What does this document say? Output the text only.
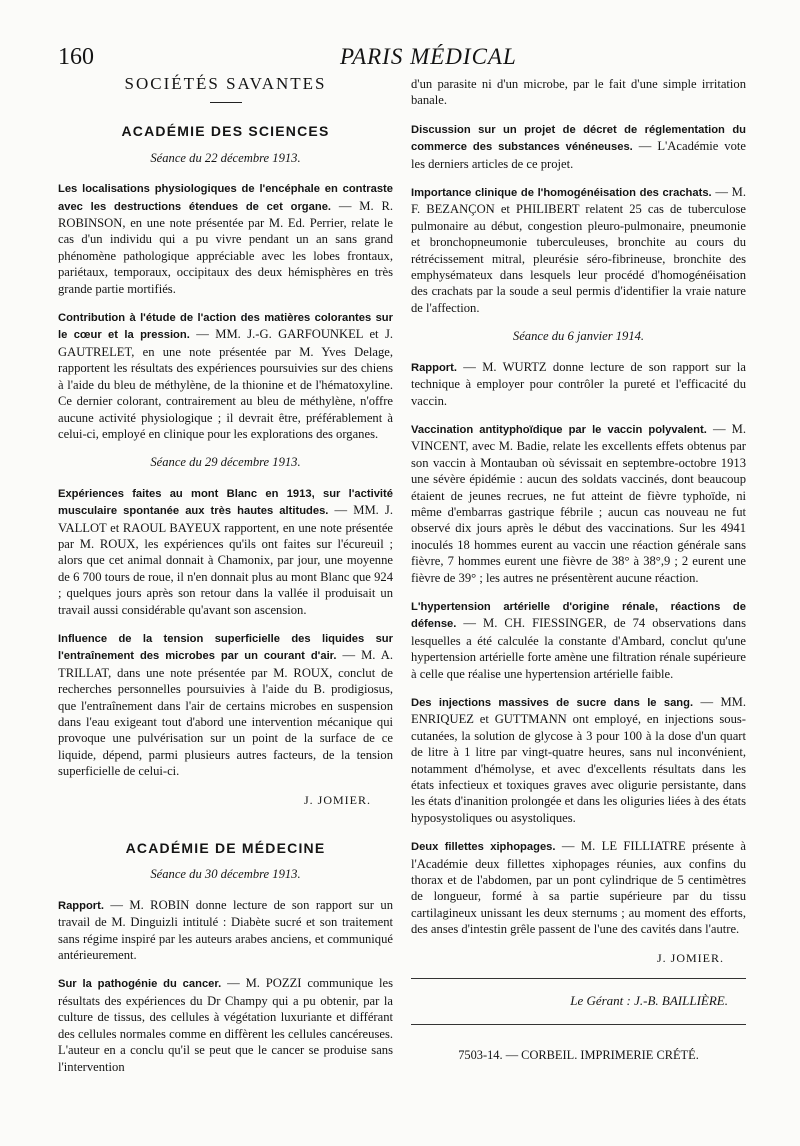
160	PARIS MÉDICAL
SOCIÉTÉS SAVANTES
ACADÉMIE DES SCIENCES
Séance du 22 décembre 1913.
Les localisations physiologiques de l'encéphale en contraste avec les destructions étendues de cet organe. — M. R. ROBINSON, en une note présentée par M. Ed. Perrier, relate le cas d'un individu qui a pu vivre pendant un an sans grand phénomène pathologique appréciable avec les lobes frontaux, pariétaux, temporaux, occipitaux des deux hémisphères en très grande partie mortifiés.
Contribution à l'étude de l'action des matières colorantes sur le cœur et la pression. — MM. J.-G. GARFOUNKEL et J. GAUTRELET, en une note présentée par M. Yves Delage, rapportent les résultats des expériences poursuivies sur des chiens à l'aide du bleu de méthylène, de la thionine et de l'hématoxyline. Ce dernier colorant, contrairement au bleu de méthylène, n'offre aucune activité physiologique ; il devrait être, préférablement à celui-ci, employé en clinique pour les explorations des organes.
Séance du 29 décembre 1913.
Expériences faites au mont Blanc en 1913, sur l'activité musculaire spontanée aux très hautes altitudes. — MM. J. VALLOT et RAOUL BAYEUX rapportent, en une note présentée par M. ROUX, les expériences qu'ils ont faites sur l'écureuil ; alors que cet animal donnait à Chamonix, par jour, une moyenne de 6 700 tours de roue, il n'en donnait plus au mont Blanc que 924 ; quelques jours après son retour dans la vallée il produisait un travail aussi considérable qu'avant son ascension.
Influence de la tension superficielle des liquides sur l'entraînement des microbes par un courant d'air. — M. A. TRILLAT, dans une note présentée par M. ROUX, conclut de recherches personnelles poursuivies à l'aide du B. prodigiosus, que l'entraînement dans l'air de certains microbes en suspension dans l'eau exigeant tout d'abord une intervention mécanique qui provoque une pulvérisation sur un point de la surface de ce liquide, dépend, parmi plusieurs autres facteurs, de la tension superficielle de celui-ci.
J. JOMIER.
ACADÉMIE DE MÉDECINE
Séance du 30 décembre 1913.
Rapport. — M. ROBIN donne lecture de son rapport sur un travail de M. Dinguizli intitulé : Diabète sucré et son traitement sans régime inspiré par les auteurs arabes anciens, et communiqué antérieurement.
Sur la pathogénie du cancer. — M. POZZI communique les résultats des expériences du Dr Champy qui a pu obtenir, par la culture de tissus, des cellules à végétation luxuriante et différant des cellules normales comme en diffèrent les cellules cancéreuses. L'auteur en a conclu qu'il se peut que le cancer se produise sans l'intervention
d'un parasite ni d'un microbe, par le fait d'une simple irritation banale.
Discussion sur un projet de décret de réglementation du commerce des substances vénéneuses. — L'Académie vote les derniers articles de ce projet.
Importance clinique de l'homogénéisation des crachats. — M. F. BEZANÇON et PHILIBERT relatent 25 cas de tuberculose pulmonaire au début, congestion pleuro-pulmonaire, pneumonie et bronchopneumonie tuberculeuses, bronchite au cours du rétrécissement mitral, pleurésie séro-fibrineuse, bronchite des emphysémateux dans lesquels leur procédé d'homogénéisation des crachats par la soude a seul permis d'identifier la vraie nature de l'affection.
Séance du 6 janvier 1914.
Rapport. — M. WURTZ donne lecture de son rapport sur la technique à employer pour contrôler la pureté et l'efficacité du vaccin.
Vaccination antityphoïdique par le vaccin polyvalent. — M. VINCENT, avec M. Badie, relate les excellents effets obtenus par son vaccin à Montauban où sévissait en septembre-octobre 1913 une sévère épidémie : aucun des soldats vaccinés, dont beaucoup étaient de jeunes recrues, ne fut atteint de fièvre typhoïde, ni même d'embarras gastrique fébrile ; aucun cas nouveau ne fut observé dix jours après le début des vaccinations. Sur les 4941 inoculés 18 hommes eurent au vaccin une réaction générale sans fièvre, 7 hommes eurent une fièvre de 38° à 38°,9 ; 2 eurent une fièvre de 39° ; les autres ne présentèrent aucune réaction.
L'hypertension artérielle d'origine rénale, réactions de défense. — M. CH. FIESSINGER, de 74 observations dans lesquelles a été calculée la constante d'Ambard, conclut qu'une hypertension artérielle forte amène une filtration rénale supérieure à celle que réalise une hypertension artérielle faible.
Des injections massives de sucre dans le sang. — MM. ENRIQUEZ et GUTTMANN ont employé, en injections sous-cutanées, la solution de glycose à 3 pour 100 à la dose d'un quart de litre à 1 litre par vingt-quatre heures, sans nul inconvénient, notamment d'hémolyse, et avec d'excellents résultats dans les états infectieux et toxiques graves avec oligurie persistante, dans les états d'inanition prolongée et dans les oliguries liées à des états hyposystoliques ou asystoliques.
Deux fillettes xiphopages. — M. LE FILLIATRE présente à l'Académie deux fillettes xiphopages réunies, aux confins du thorax et de l'abdomen, par un pont cylindrique de 5 centimètres de longueur, formé à sa partie supérieure par du tissu cartilagineux unissant les deux sternums ; au moment des efforts, des anses d'intestin grêle passent de l'une des cavités dans l'autre.
J. JOMIER.
Le Gérant : J.-B. BAILLIÈRE.
7503-14. — CORBEIL. IMPRIMERIE CRÉTÉ.
